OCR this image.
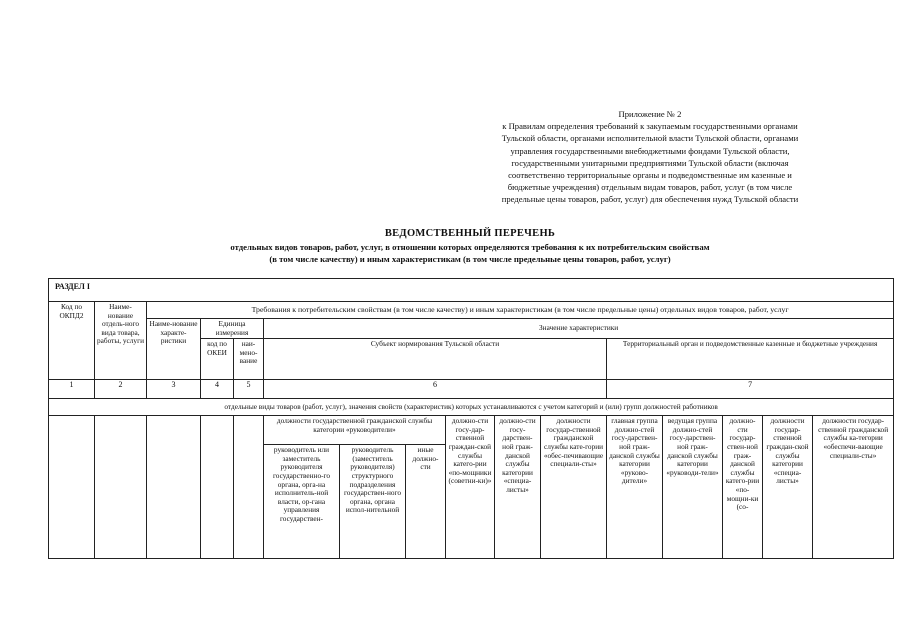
Приложение № 2
к Правилам определения требований к закупаемым государственными органами
Тульской области, органами исполнительной власти Тульской области, органами
управления государственными внебюджетными фондами Тульской области,
государственными унитарными предприятиями Тульской области (включая
соответственно территориальные органы и подведомственные им казенные и
бюджетные учреждения) отдельным видам товаров, работ, услуг (в том числе
предельные цены товаров, работ, услуг) для обеспечения нужд Тульской области
ВЕДОМСТВЕННЫЙ ПЕРЕЧЕНЬ
отдельных видов товаров, работ, услуг, в отношении которых определяются требования к их потребительским свойствам
(в том числе качеству) и иным характеристикам (в том числе предельные цены товаров, работ, услуг)
РАЗДЕЛ I															
Код по ОКПД2	Наиме-нование отдель-ного вида товара, работы, услуги	Требования к потребительским свойствам (в том числе качеству) и иным характеристикам (в том числе предельные цены) отдельных видов товаров, работ, услуг													
		Наиме-нование характе-ристики	Единица измерения		Значение характеристики										
			код по ОКЕИ	наи-мено-вание	Субъект нормирования Тульской области						Территориальный орган и подведомственные казенные и бюджетные учреждения				
1	2	3	4	5	6						7				
отдельные виды товаров (работ, услуг), значения свойств (характеристик) которых устанавливаются с учетом категорий и (или) групп должностей работников															
					должности государственной гражданской службы категории «руководители»			должно-сти госу-дар-ственной граждан-ской службы катего-рии «по-мощники (советни-ки)»	должно-сти госу-дарствен-ной граж-данской службы категории «специа-листы»	должности государ-ственной гражданской службы кате-гории «обес-печивающие специали-сты»	главная группа должно-стей госу-дарствен-ной граж-данской службы категории «руково-дители»	ведущая группа должно-стей госу-дарствен-ной граж-данской службы категории «руководи-тели»	должно-сти государ-ствен-ной граж-данской службы катего-рии «по-мощни-ки (со-	должности государ-ственной граждан-ской службы категории «специа-листы»	должности государ-ственной гражданской службы ка-тегории «обеспечи-вающие специали-сты»
					руководитель или заместитель руководителя государственно-го органа, орга-на исполнитель-ной власти, ор-гана управления государствен-	руководитель (заместитель руководителя) структурного подразделения государствен-ного органа, органа испол-нительной	иные должно-сти								
